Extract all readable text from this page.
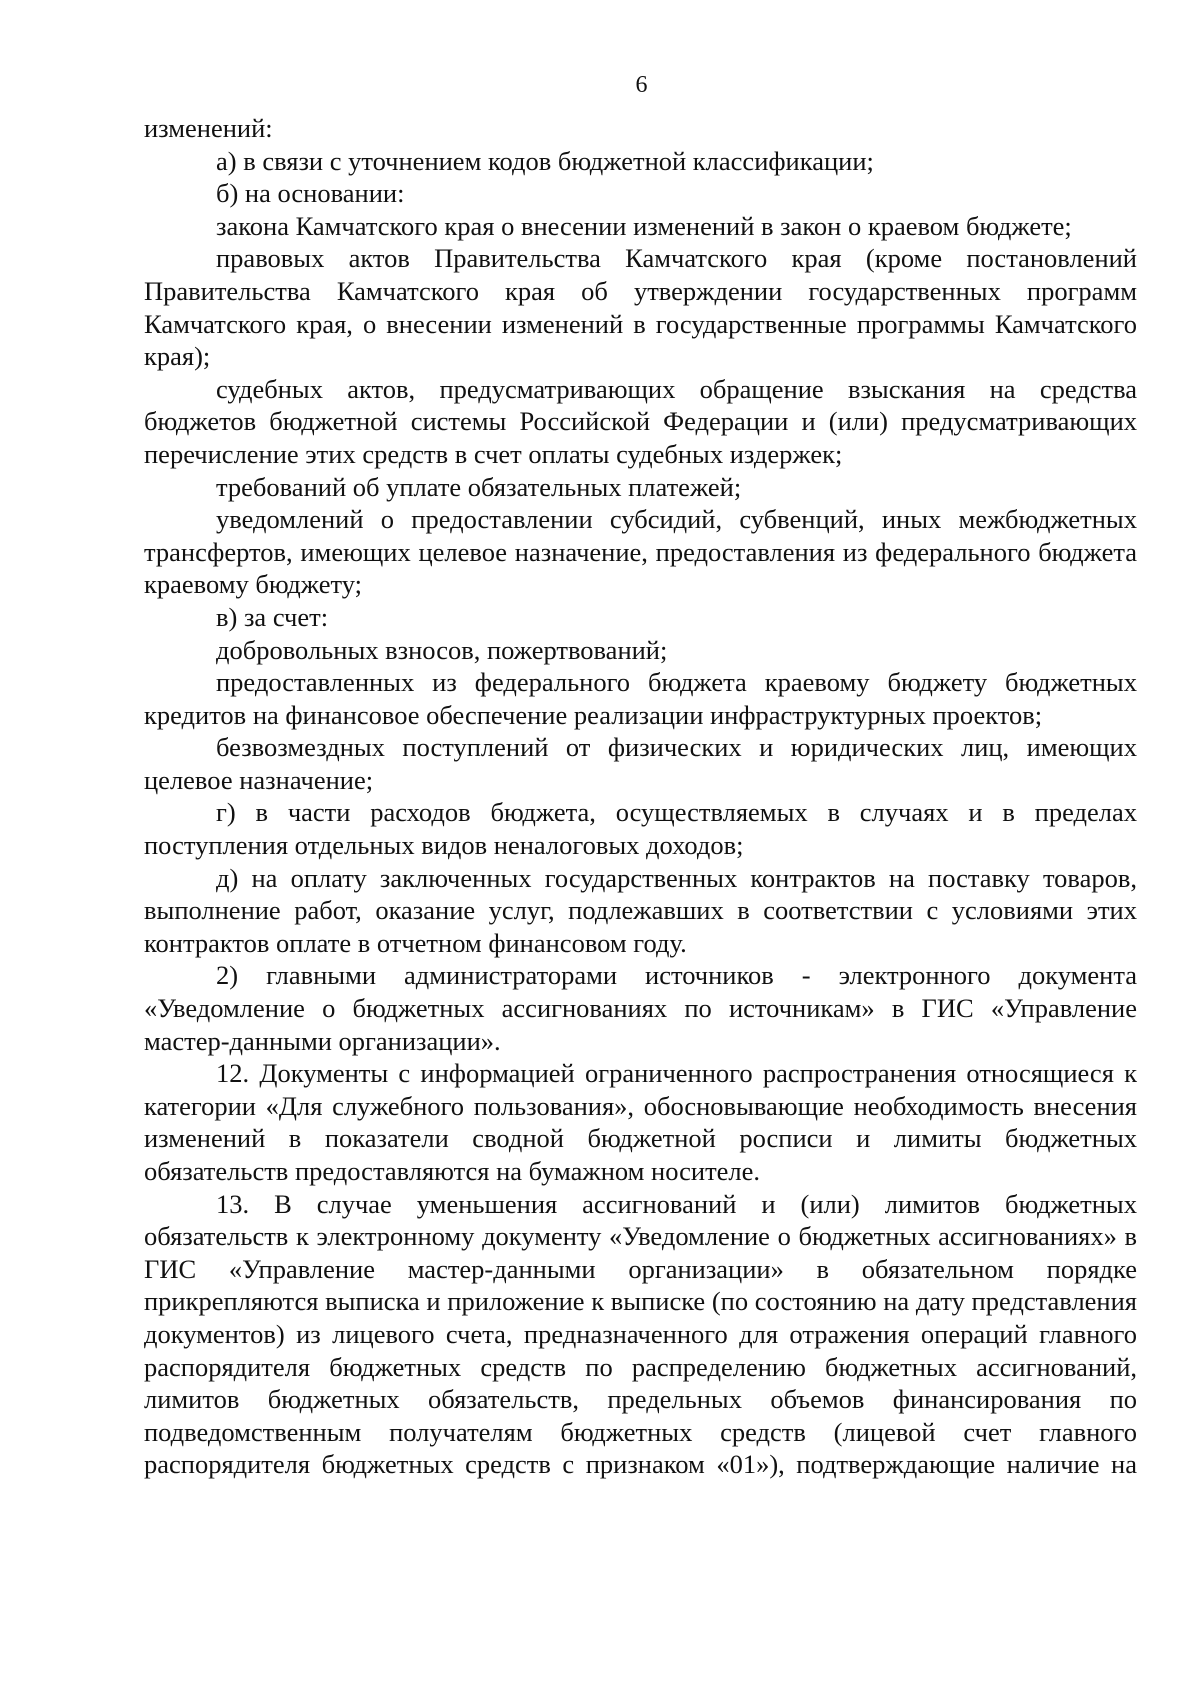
6

изменений:

а) в связи с уточнением кодов бюджетной классификации;

б) на основании:

закона Камчатского края о внесении изменений в закон о краевом бюджете;

правовых актов Правительства Камчатского края (кроме постановлений Правительства Камчатского края об утверждении государственных программ Камчатского края, о внесении изменений в государственные программы Камчатского края);

судебных актов, предусматривающих обращение взыскания на средства бюджетов бюджетной системы Российской Федерации и (или) предусматривающих перечисление этих средств в счет оплаты судебных издержек;

требований об уплате обязательных платежей;

уведомлений о предоставлении субсидий, субвенций, иных межбюджетных трансфертов, имеющих целевое назначение, предоставления из федерального бюджета краевому бюджету;

в) за счет:

добровольных взносов, пожертвований;

предоставленных из федерального бюджета краевому бюджету бюджетных кредитов на финансовое обеспечение реализации инфраструктурных проектов;

безвозмездных поступлений от физических и юридических лиц, имеющих целевое назначение;

г) в части расходов бюджета, осуществляемых в случаях и в пределах поступления отдельных видов неналоговых доходов;

д) на оплату заключенных государственных контрактов на поставку товаров, выполнение работ, оказание услуг, подлежавших в соответствии с условиями этих контрактов оплате в отчетном финансовом году.

2) главными администраторами источников - электронного документа «Уведомление о бюджетных ассигнованиях по источникам» в ГИС «Управление мастер-данными организации».

12. Документы с информацией ограниченного распространения относящиеся к категории «Для служебного пользования», обосновывающие необходимость внесения изменений в показатели сводной бюджетной росписи и лимиты бюджетных обязательств предоставляются на бумажном носителе.

13. В случае уменьшения ассигнований и (или) лимитов бюджетных обязательств к электронному документу «Уведомление о бюджетных ассигнованиях» в ГИС «Управление мастер-данными организации» в обязательном порядке прикрепляются выписка и приложение к выписке (по состоянию на дату представления документов) из лицевого счета, предназначенного для отражения операций главного распорядителя бюджетных средств по распределению бюджетных ассигнований, лимитов бюджетных обязательств, предельных объемов финансирования по подведомственным получателям бюджетных средств (лицевой счет главного распорядителя бюджетных средств с признаком «01»), подтверждающие наличие на
